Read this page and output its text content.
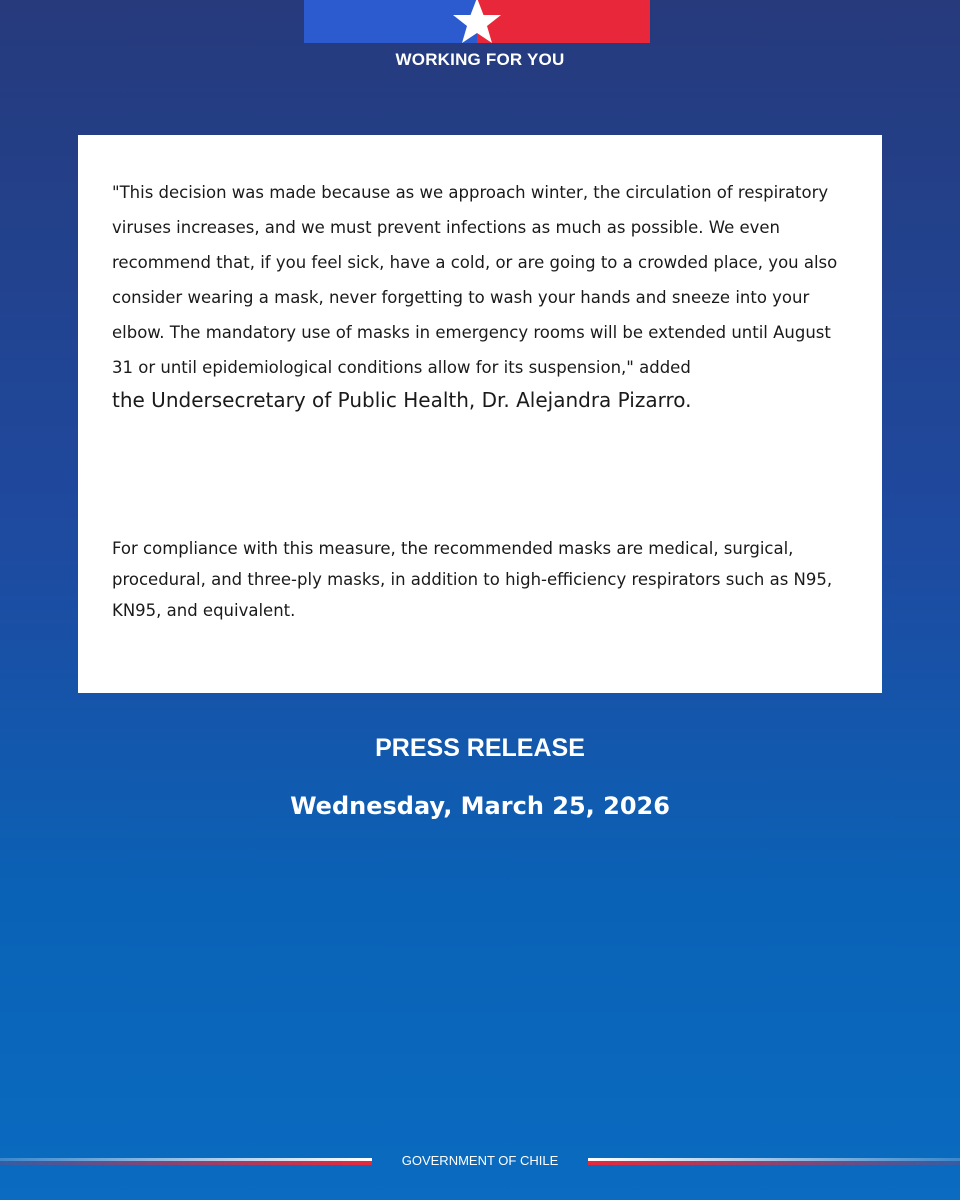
WORKING FOR YOU

"This decision was made because as we approach winter, the circulation of respiratory viruses increases, and we must prevent infections as much as possible. We even recommend that, if you feel sick, have a cold, or are going to a crowded place, you also consider wearing a mask, never forgetting to wash your hands and sneeze into your elbow. The mandatory use of masks in emergency rooms will be extended until August 31 or until epidemiological conditions allow for its suspension," added

the Undersecretary of Public Health, Dr. Alejandra Pizarro.

For compliance with this measure, the recommended masks are medical, surgical, procedural, and three-ply masks, in addition to high-efficiency respirators such as N95, KN95, and equivalent.

PRESS RELEASE
Wednesday, March 25, 2026
GOVERNMENT OF CHILE
